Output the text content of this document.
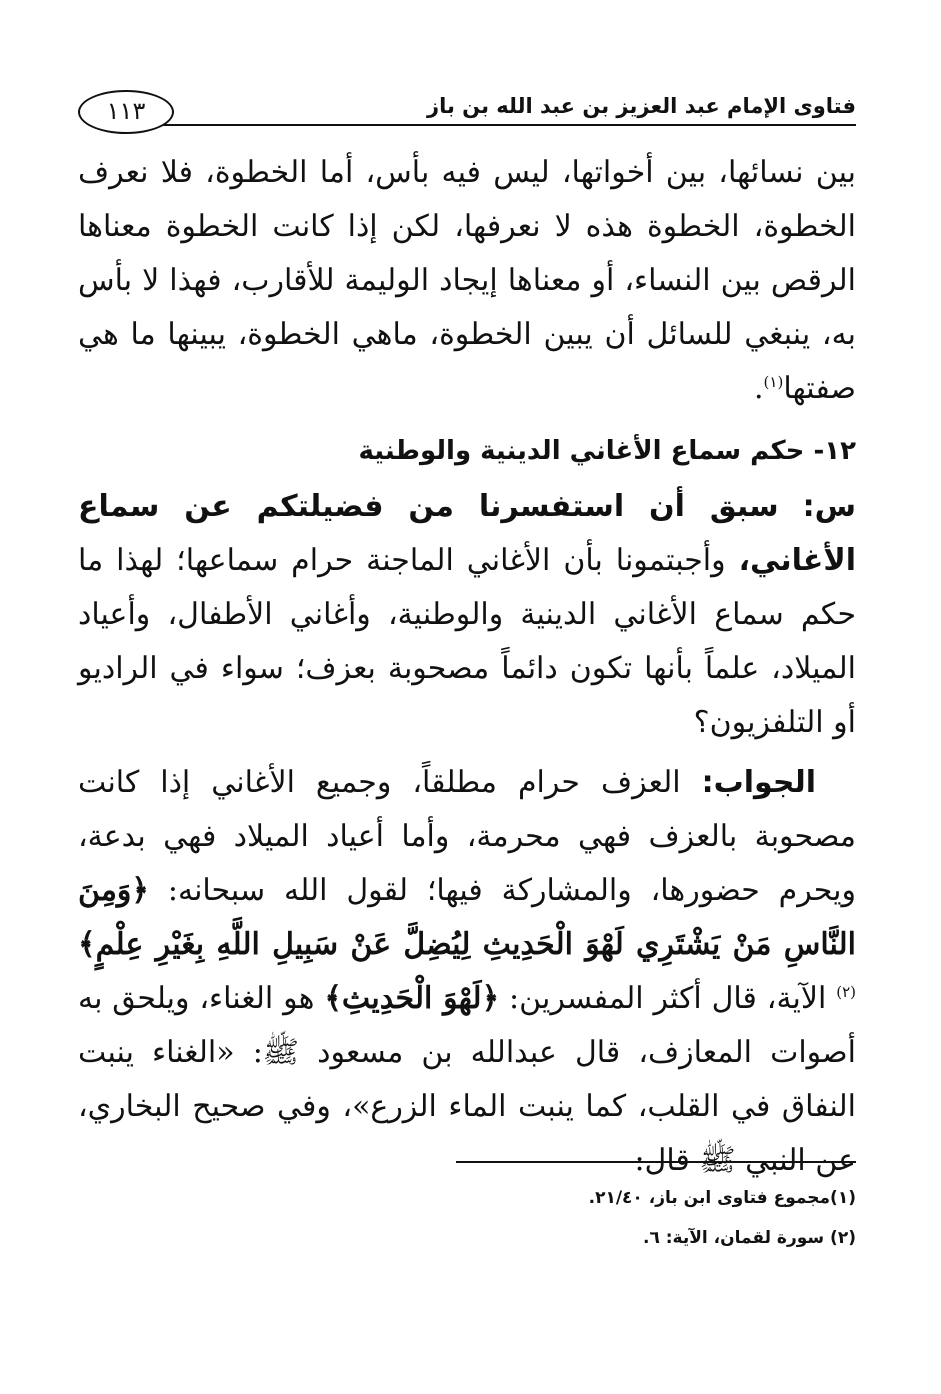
فتاوى الإمام عبد العزيز بن عبد الله بن باز
١١٣

بين نسائها، بين أخواتها، ليس فيه بأس، أما الخطوة، فلا نعرف الخطوة، الخطوة هذه لا نعرفها، لكن إذا كانت الخطوة معناها الرقص بين النساء، أو معناها إيجاد الوليمة للأقارب، فهذا لا بأس به، ينبغي للسائل أن يبين الخطوة، ماهي الخطوة، يبينها ما هي صفتها$^{(١)}$.

١٢- حكم سماع الأغاني الدينية والوطنية

س: سبق أن استفسرنا من فضيلتكم عن سماع الأغاني، وأجبتمونا بأن الأغاني الماجنة حرام سماعها؛ لهذا ما حكم سماع الأغاني الدينية والوطنية، وأغاني الأطفال، وأعياد الميلاد، علماً بأنها تكون دائماً مصحوبة بعزف؛ سواء في الراديو أو التلفزيون؟

الجواب: العزف حرام مطلقاً، وجميع الأغاني إذا كانت مصحوبة بالعزف فهي محرمة، وأما أعياد الميلاد فهي بدعة، ويحرم حضورها، والمشاركة فيها؛ لقول الله سبحانه: ﴿وَمِنَ النَّاسِ مَنْ يَشْتَرِي لَهْوَ الْحَدِيثِ لِيُضِلَّ عَنْ سَبِيلِ اللَّهِ بِغَيْرِ عِلْمٍ﴾$^{(٢)}$ الآية، قال أكثر المفسرين: ﴿لَهْوَ الْحَدِيثِ﴾ هو الغناء، ويلحق به أصوات المعازف، قال عبدالله بن مسعود ﷺ: «الغناء ينبت النفاق في القلب، كما ينبت الماء الزرع»، وفي صحيح البخاري، عن النبي ﷺ قال:

(١)مجموع فتاوى ابن باز، ٢١/٤٠.

(٢) سورة لقمان، الآية: ٦.
